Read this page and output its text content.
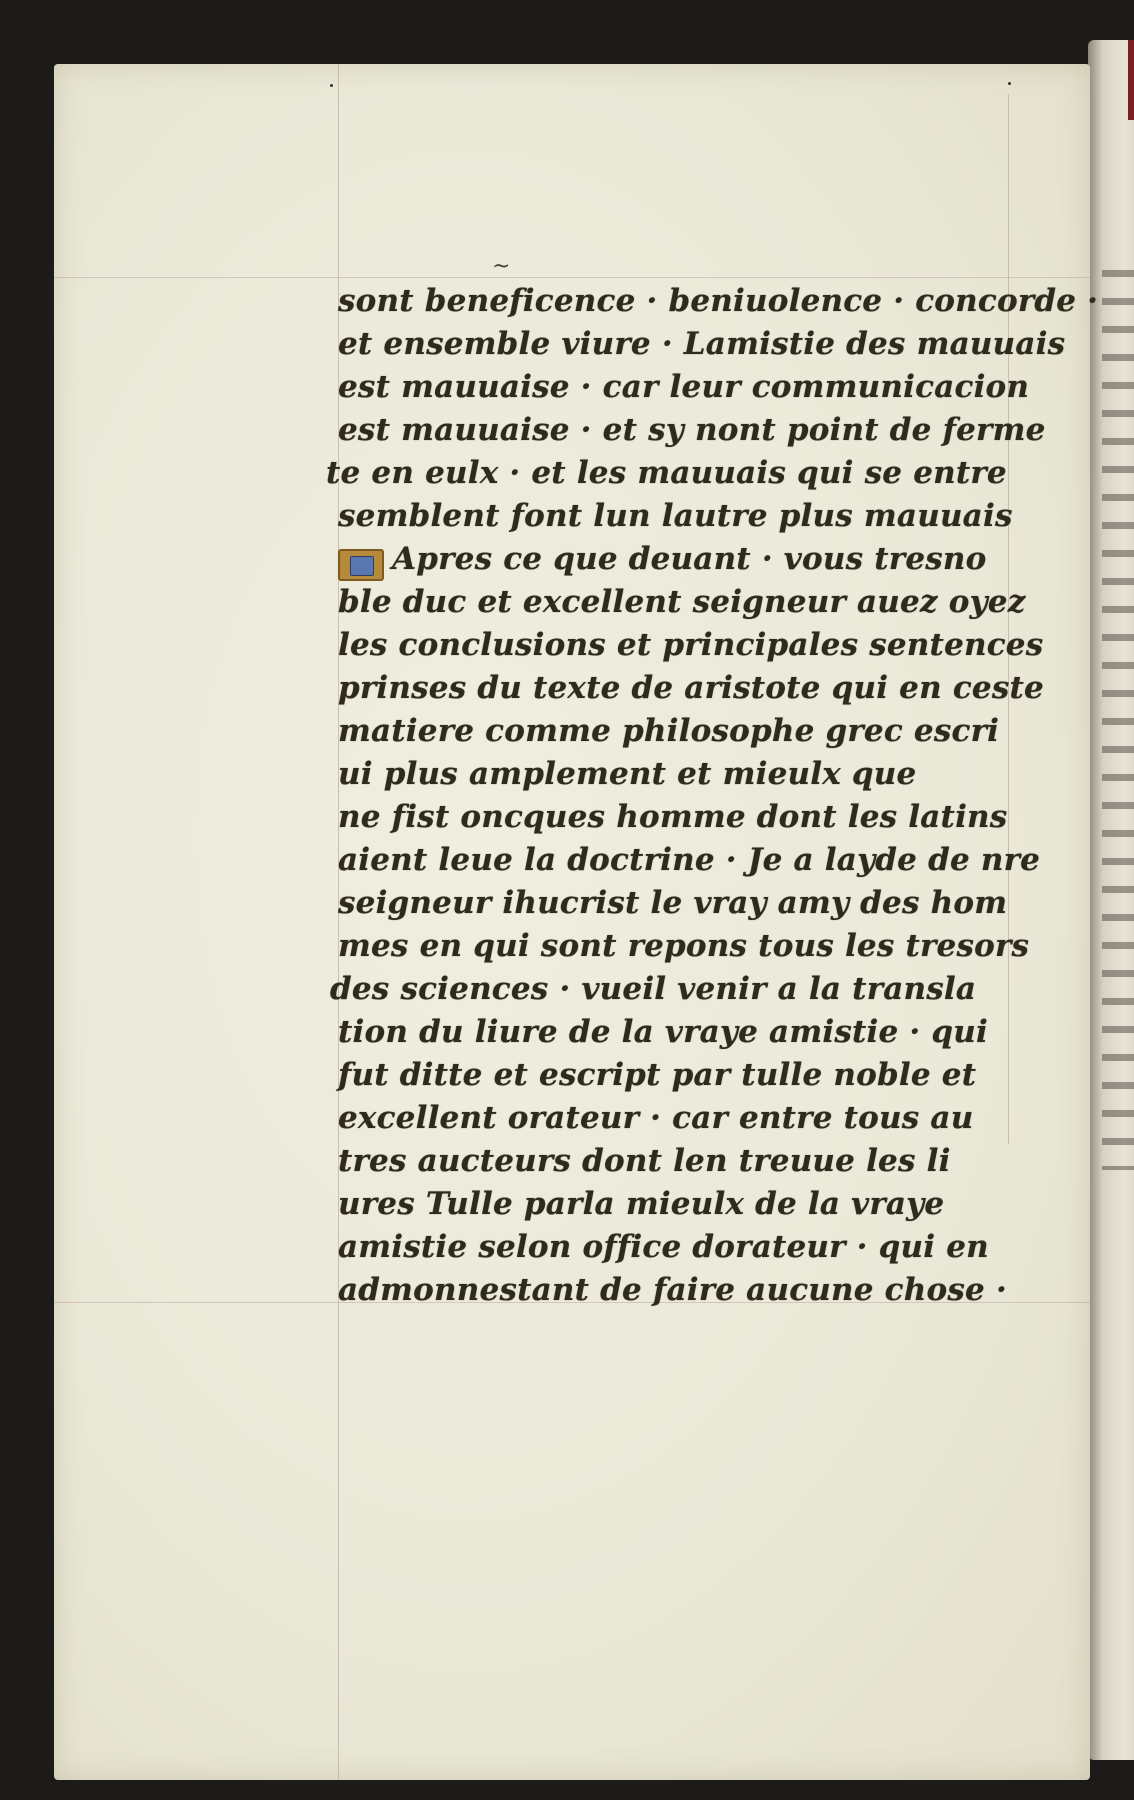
~
sont beneficence · beniuolence · concorde ·
et ensemble viure · Lamistie des mauuais
est mauuaise · car leur communicacion
est mauuaise · et sy nont point de ferme
te en eulx · et les mauuais qui se entre
semblent font lun lautre plus mauuais
Apres ce que deuant · vous tresno
ble duc et excellent seigneur auez oyez
les conclusions et principales sentences
prinses du texte de aristote qui en ceste
matiere comme philosophe grec escri
ui plus amplement et mieulx que
ne fist oncques homme dont les latins
aient leue la doctrine · Je a layde de nre
seigneur ihucrist le vray amy des hom
mes en qui sont repons tous les tresors
des sciences · vueil venir a la transla
tion du liure de la vraye amistie · qui
fut ditte et escript par tulle noble et
excellent orateur · car entre tous au
tres aucteurs dont len treuue les li
ures Tulle parla mieulx de la vraye
amistie selon office dorateur · qui en
admonnestant de faire aucune chose ·
